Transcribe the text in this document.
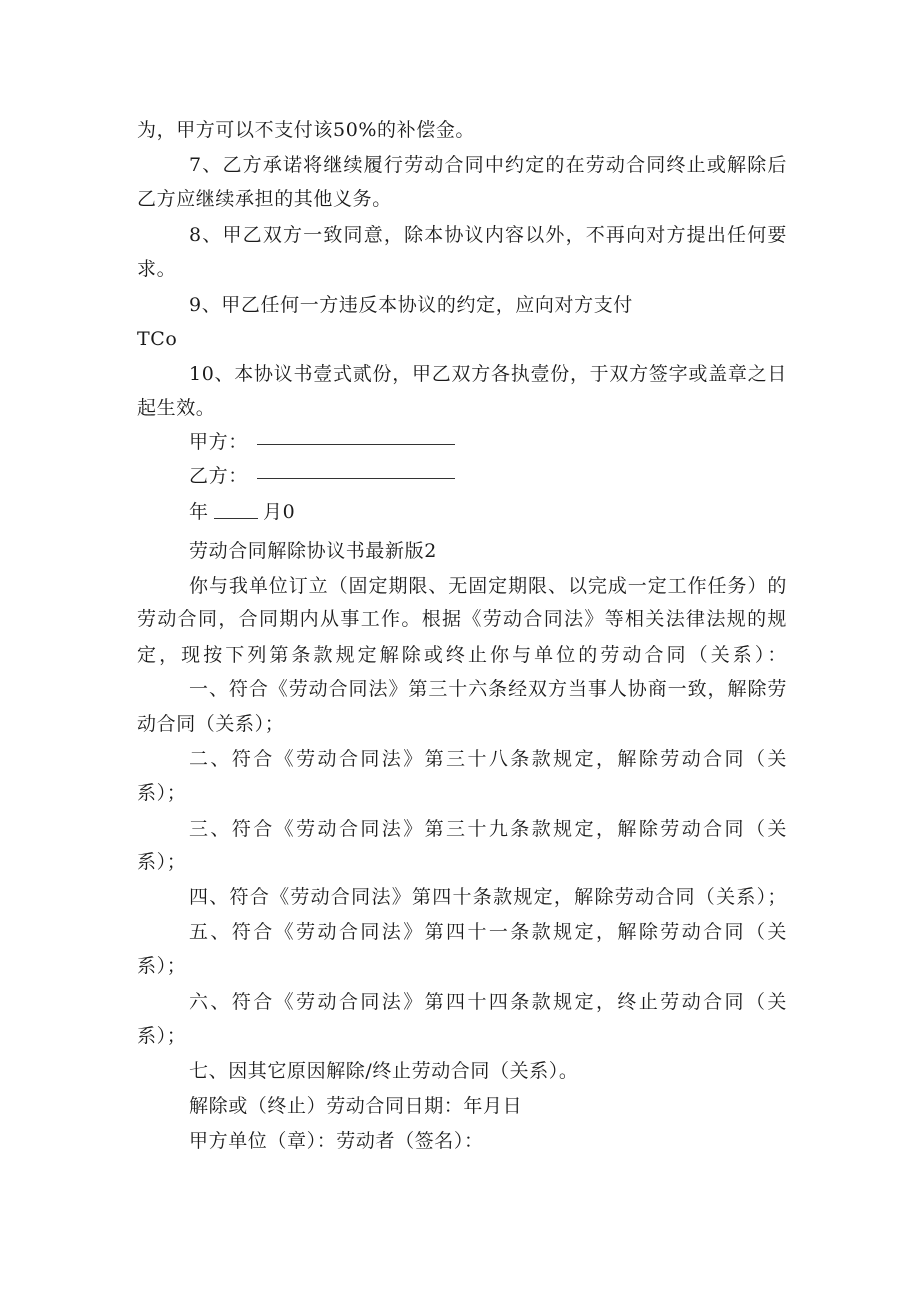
为，甲方可以不支付该50%的补偿金。
7、乙方承诺将继续履行劳动合同中约定的在劳动合同终止或解除后
乙方应继续承担的其他义务。
8、甲乙双方一致同意，除本协议内容以外，不再向对方提出任何要
求。
9、甲乙任何一方违反本协议的约定，应向对方支付
TCo
10、本协议书壹式贰份，甲乙双方各执壹份，于双方签字或盖章之日
起生效。
甲方：
乙方：
年	月0
劳动合同解除协议书最新版2
你与我单位订立（固定期限、无固定期限、以完成一定工作任务）的
劳动合同，合同期内从事工作。根据《劳动合同法》等相关法律法规的规
定，现按下列第条款规定解除或终止你与单位的劳动合同（关系）：
一、符合《劳动合同法》第三十六条经双方当事人协商一致，解除劳
动合同（关系）；
二、符合《劳动合同法》第三十八条款规定，解除劳动合同（关
系）；
三、符合《劳动合同法》第三十九条款规定，解除劳动合同（关
系）；
四、符合《劳动合同法》第四十条款规定，解除劳动合同（关系）；
五、符合《劳动合同法》第四十一条款规定，解除劳动合同（关
系）；
六、符合《劳动合同法》第四十四条款规定，终止劳动合同（关
系）；
七、因其它原因解除/终止劳动合同（关系）。
解除或（终止）劳动合同日期：年月日
甲方单位（章）：劳动者（签名）：
